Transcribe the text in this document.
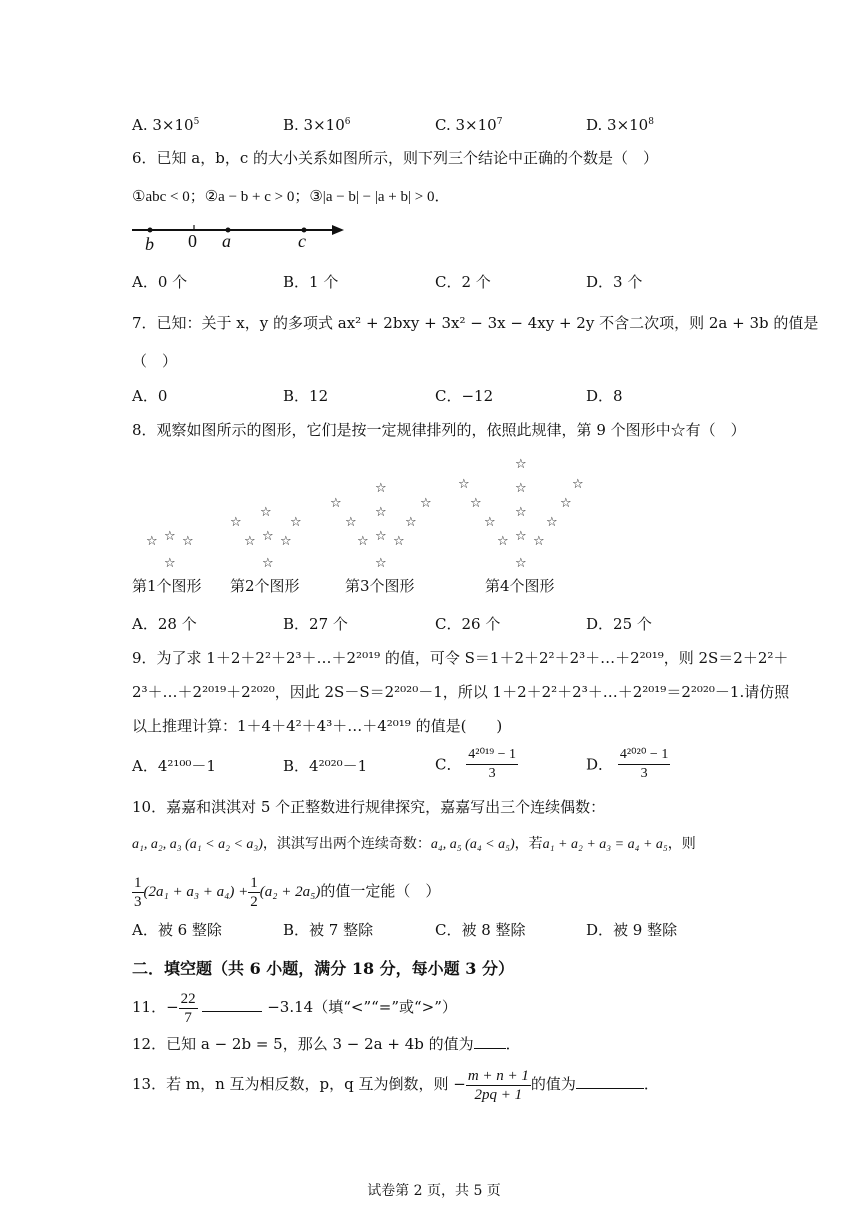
A. $3\times 10^5$	B. $3\times 10^6$	C. $3\times 10^7$	D. $3\times 10^8$
6．已知 a，b，c 的大小关系如图所示，则下列三个结论中正确的个数是（　）
①abc < 0；②a − b + c > 0；③|a − b| − |a + b| > 0．
b 0 a	c
A．0 个	B．1 个	C．2 个	D．3 个
7．已知：关于 x，y 的多项式 ax² + 2bxy + 3x² − 3x − 4xy + 2y 不含二次项，则 2a + 3b 的值是
（　）
A．0	B．12	C．−12	D．8
8．观察如图所示的图形，它们是按一定规律排列的，依照此规律，第 9 个图形中☆有（　）
☆ ☆ ☆
☆
☆
☆
☆
☆ ☆ ☆
☆
☆
☆
☆
☆
☆
☆
☆ ☆ ☆
☆
☆
☆
☆
☆
☆
☆
☆
☆
☆
☆ ☆ ☆
☆
第1个图形 第2个图形	第3个图形	第4个图形
A．28 个	B．27 个	C．26 个	D．25 个
9．为了求 1＋2＋2²＋2³＋…＋2²⁰¹⁹ 的值，可令 S＝1＋2＋2²＋2³＋…＋2²⁰¹⁹，则 2S＝2＋2²＋
2³＋…＋2²⁰¹⁹＋2²⁰²⁰，因此 2S－S＝2²⁰²⁰－1，所以 1＋2＋2²＋2³＋…＋2²⁰¹⁹＝2²⁰²⁰－1.请仿照
以上推理计算：1＋4＋4²＋4³＋…＋4²⁰¹⁹ 的值是(　　)
A．4²¹⁰⁰－1	B．4²⁰²⁰－1	C． $\frac{\text{4²⁰¹⁹ − 1}}{3}$	D． $\frac{\text{4²⁰²⁰ − 1}}{3}$
10．嘉嘉和淇淇对 5 个正整数进行规律探究，嘉嘉写出三个连续偶数：
a₁, a₂, a₃ (a₁ < a₂ < a₃)，淇淇写出两个连续奇数：a₄, a₅ (a₄ < a₅)，若a₁ + a₂ + a₃ = a₄ + a₅，则
$\frac{1}{3} (2a_1 + a_3 + a_4) + \frac{1}{2} (a_2 + 2a_5)$的值一定能（　）
A．被 6 整除	B．被 7 整除	C．被 8 整除	D．被 9 整除
二．填空题（共 6 小题，满分 18 分，每小题 3 分）
11．− $\frac{22}{7}$	−3.14（填“<”“=”或“>”）
12．已知 a − 2b = 5，那么 3 − 2a + 4b 的值为 ．
13．若 m，n 互为相反数，p，q 互为倒数，则 − $\frac{m + n + 1}{2pq + 1}$ 的值为	．
试卷第 2 页，共 5 页
